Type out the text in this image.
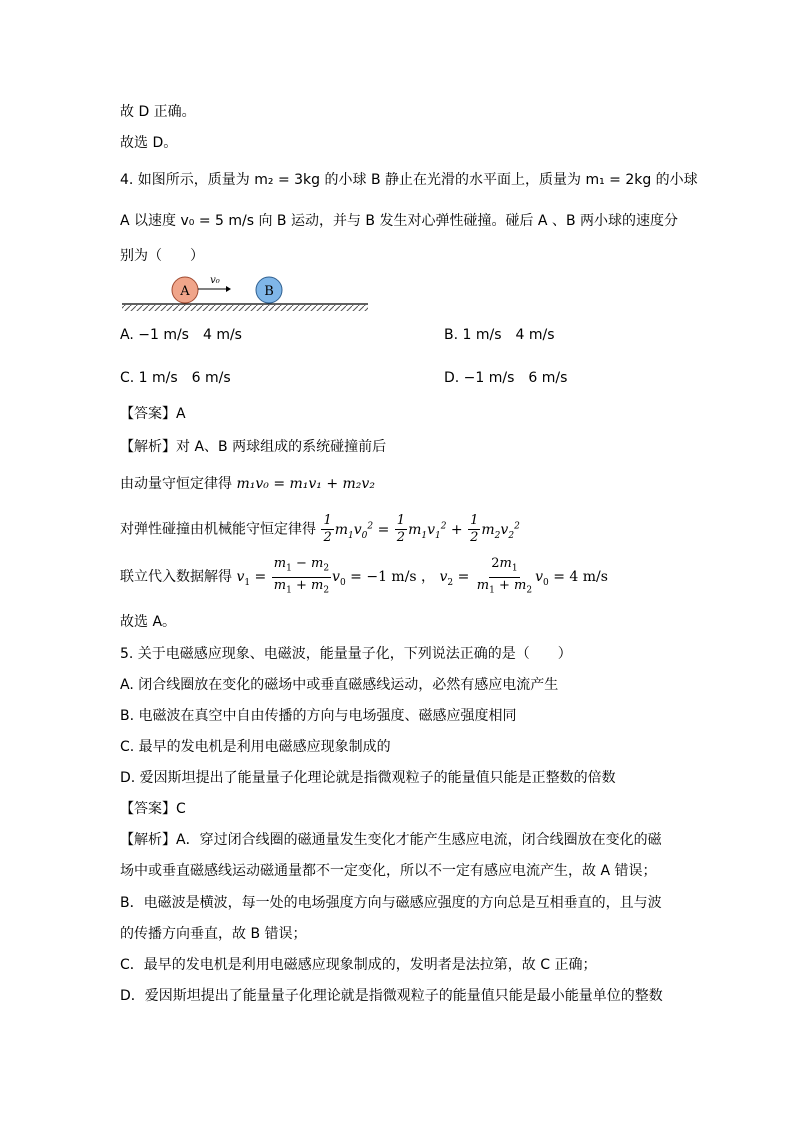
故 D 正确。
故选 D。
4. 如图所示，质量为 m₂ = 3kg 的小球 B 静止在光滑的水平面上，质量为 m₁ = 2kg 的小球
A 以速度 v₀ = 5 m/s 向 B 运动，并与 B 发生对心弹性碰撞。碰后 A 、B 两小球的速度分
别为（　　）
A
v₀
B
A. −1 m/s　4 m/s	B. 1 m/s　4 m/s
C. 1 m/s　6 m/s	D. −1 m/s　6 m/s
【答案】A
【解析】对 A、B 两球组成的系统碰撞前后
由动量守恒定律得 m₁v₀ = m₁v₁ + m₂v₂
对弹性碰撞由机械能守恒定律得 $\frac{1}{2} m_1v_0^2 = \frac{1}{2} m_1v_1^2 + \frac{1}{2} m_2v_2^2$
联立代入数据解得 $v_1 = \frac{m_1 - m_2}{m_1 + m_2} v_0 = -1$ m/s ， $v_2 = \frac{2m_1}{m_1 + m_2} v_0 = 4$ m/s
故选 A。
5. 关于电磁感应现象、电磁波，能量量子化，下列说法正确的是（　　）
A. 闭合线圈放在变化的磁场中或垂直磁感线运动，必然有感应电流产生
B. 电磁波在真空中自由传播的方向与电场强度、磁感应强度相同
C. 最早的发电机是利用电磁感应现象制成的
D. 爱因斯坦提出了能量量子化理论就是指微观粒子的能量值只能是正整数的倍数
【答案】C
【解析】A．穿过闭合线圈的磁通量发生变化才能产生感应电流，闭合线圈放在变化的磁
场中或垂直磁感线运动磁通量都不一定变化，所以不一定有感应电流产生，故 A 错误；
B．电磁波是横波，每一处的电场强度方向与磁感应强度的方向总是互相垂直的，且与波
的传播方向垂直，故 B 错误；
C．最早的发电机是利用电磁感应现象制成的，发明者是法拉第，故 C 正确；
D．爱因斯坦提出了能量量子化理论就是指微观粒子的能量值只能是最小能量单位的整数
